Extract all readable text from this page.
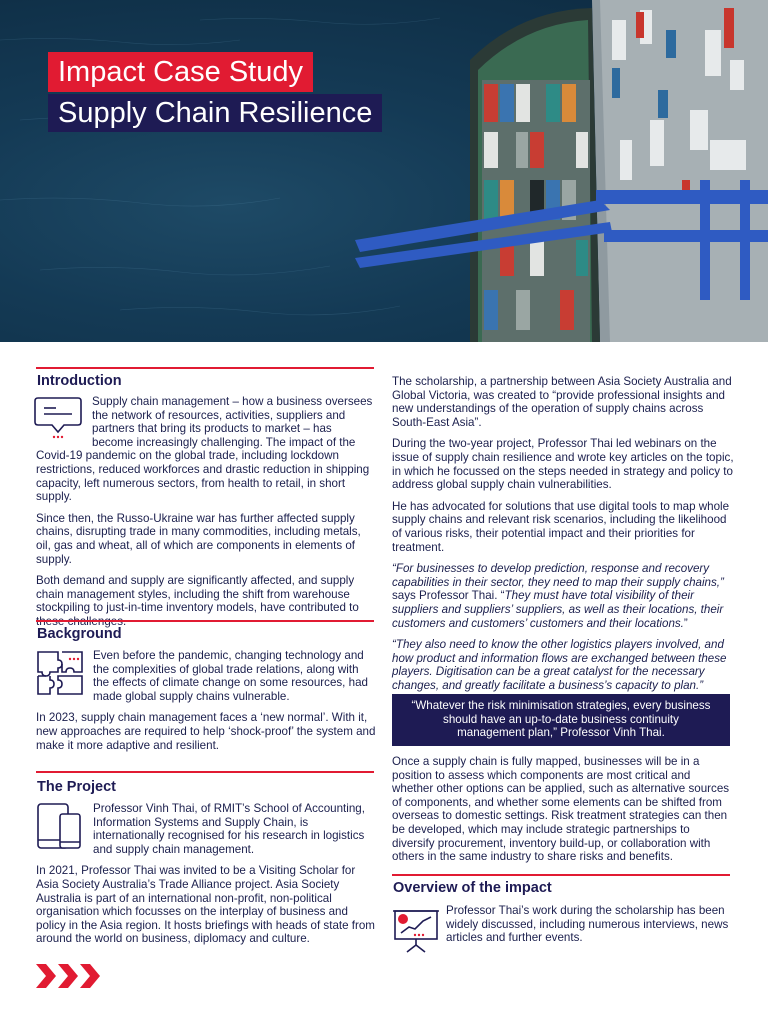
Impact Case Study
Supply Chain Resilience
Introduction

Supply chain management – how a business oversees the network of resources, activities, suppliers and partners that bring its products to market – has become increasingly challenging. The impact of the Covid-19 pandemic on the global trade, including lockdown restrictions, reduced workforces and drastic reduction in shipping capacity, left numerous sectors, from health to retail, in short supply.

Since then, the Russo-Ukraine war has further affected supply chains, disrupting trade in many commodities, including metals, oil, gas and wheat, all of which are components in elements of supply.

Both demand and supply are significantly affected, and supply chain management styles, including the shift from warehouse stockpiling to just-in-time inventory models, have contributed to

Background

Even before the pandemic, changing technology and the complexities of global trade relations, along with the effects of climate change on some resources, had made global supply chains vulnerable.

In 2023, supply chain management faces a ‘new normal’. With it, new approaches are required to help ‘shock-proof’ the system and make it more adaptive and resilient.

The Project

Professor Vinh Thai, of RMIT’s School of Accounting, Information Systems and Supply Chain, is internationally recognised for his research in logistics and supply chain management.

In 2021, Professor Thai was invited to be a Visiting Scholar for Asia Society Australia’s Trade Alliance project. Asia Society Australia is part of an international non-profit, non-political organisation which focusses on the interplay of business and policy in the Asia region. It hosts briefings with heads of state from around the world on business, diplomacy and culture.

The scholarship, a partnership between Asia Society Australia and Global Victoria, was created to “provide professional insights and new understandings of the operation of supply chains across South-East Asia”.

During the two-year project, Professor Thai led webinars on the issue of supply chain resilience and wrote key articles on the topic, in which he focussed on the steps needed in strategy and policy to address global supply chain vulnerabilities.

He has advocated for solutions that use digital tools to map whole supply chains and relevant risk scenarios, including the likelihood of various risks, their potential impact and their priorities for treatment.

“For businesses to develop prediction, response and recovery capabilities in their sector, they need to map their supply chains,” says Professor Thai. “They must have total visibility of their suppliers and suppliers’ suppliers, as well as their locations, their customers and customers’ customers and their locations.”

“They also need to know the other logistics players involved, and how product and information flows are exchanged between these players. Digitisation can be a great catalyst for the necessary changes, and greatly facilitate a business’s capacity to plan.”

“Whatever the risk minimisation strategies, every business should have an up-to-date business continuity management plan,” Professor Vinh Thai.

Once a supply chain is fully mapped, businesses will be in a position to assess which components are most critical and whether other options can be applied, such as alternative sources of components, and whether some elements can be shifted from overseas to domestic settings. Risk treatment strategies can then be developed, which may include strategic partnerships to diversify procurement, inventory build-up, or collaboration with others in the same industry to share risks and benefits.

Overview of the impact

Professor Thai’s work during the scholarship has been widely discussed, including numerous interviews, news articles and further events.
